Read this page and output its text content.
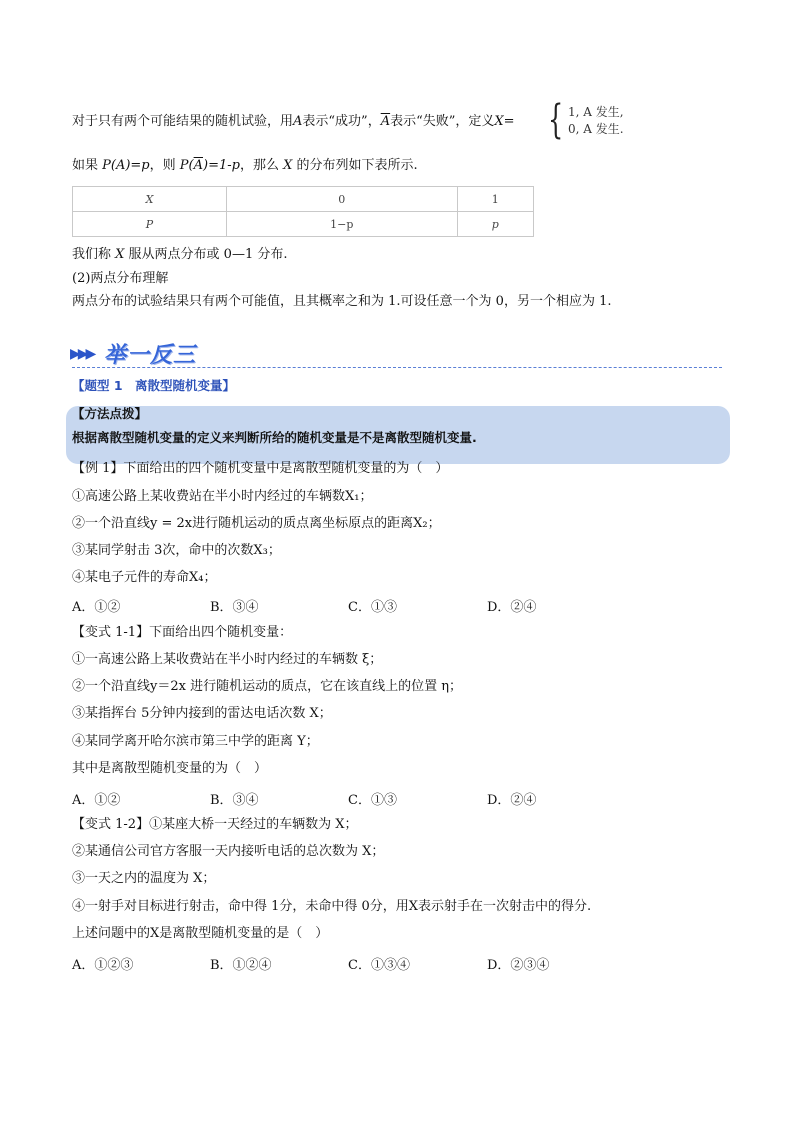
对于只有两个可能结果的随机试验，用A表示“成功”，$\overline{A}$表示“失败”，定义X= { 1, A 发生,
0, A 发生.
如果 P(A)=p，则 $P(\overline{A})=1-p$，那么 X 的分布列如下表所示.
X	0	1
P	1−p	p
我们称 X 服从两点分布或 0—1 分布.
(2)两点分布理解
两点分布的试验结果只有两个可能值，且其概率之和为 1.可设任意一个为 0，另一个相应为 1.
▶▶▶ 举一反三
【题型 1　离散型随机变量】
【方法点拨】
根据离散型随机变量的定义来判断所给的随机变量是不是离散型随机变量.
【例 1】下面给出的四个随机变量中是离散型随机变量的为（　）
①高速公路上某收费站在半小时内经过的车辆数X₁；
②一个沿直线y = 2x进行随机运动的质点离坐标原点的距离X₂；
③某同学射击 3次，命中的次数X₃；
④某电子元件的寿命X₄；
A．①②	B．③④	C．①③	D．②④
【变式 1-1】下面给出四个随机变量：
①一高速公路上某收费站在半小时内经过的车辆数 ξ；
②一个沿直线y＝2x 进行随机运动的质点，它在该直线上的位置 η；
③某指挥台 5分钟内接到的雷达电话次数 X；
④某同学离开哈尔滨市第三中学的距离 Y；
其中是离散型随机变量的为（　）
A．①②	B．③④	C．①③	D．②④
【变式 1-2】①某座大桥一天经过的车辆数为 X；
②某通信公司官方客服一天内接听电话的总次数为 X；
③一天之内的温度为 X；
④一射手对目标进行射击，命中得 1分，未命中得 0分，用X表示射手在一次射击中的得分.
上述问题中的X是离散型随机变量的是（　）
A．①②③	B．①②④	C．①③④	D．②③④
